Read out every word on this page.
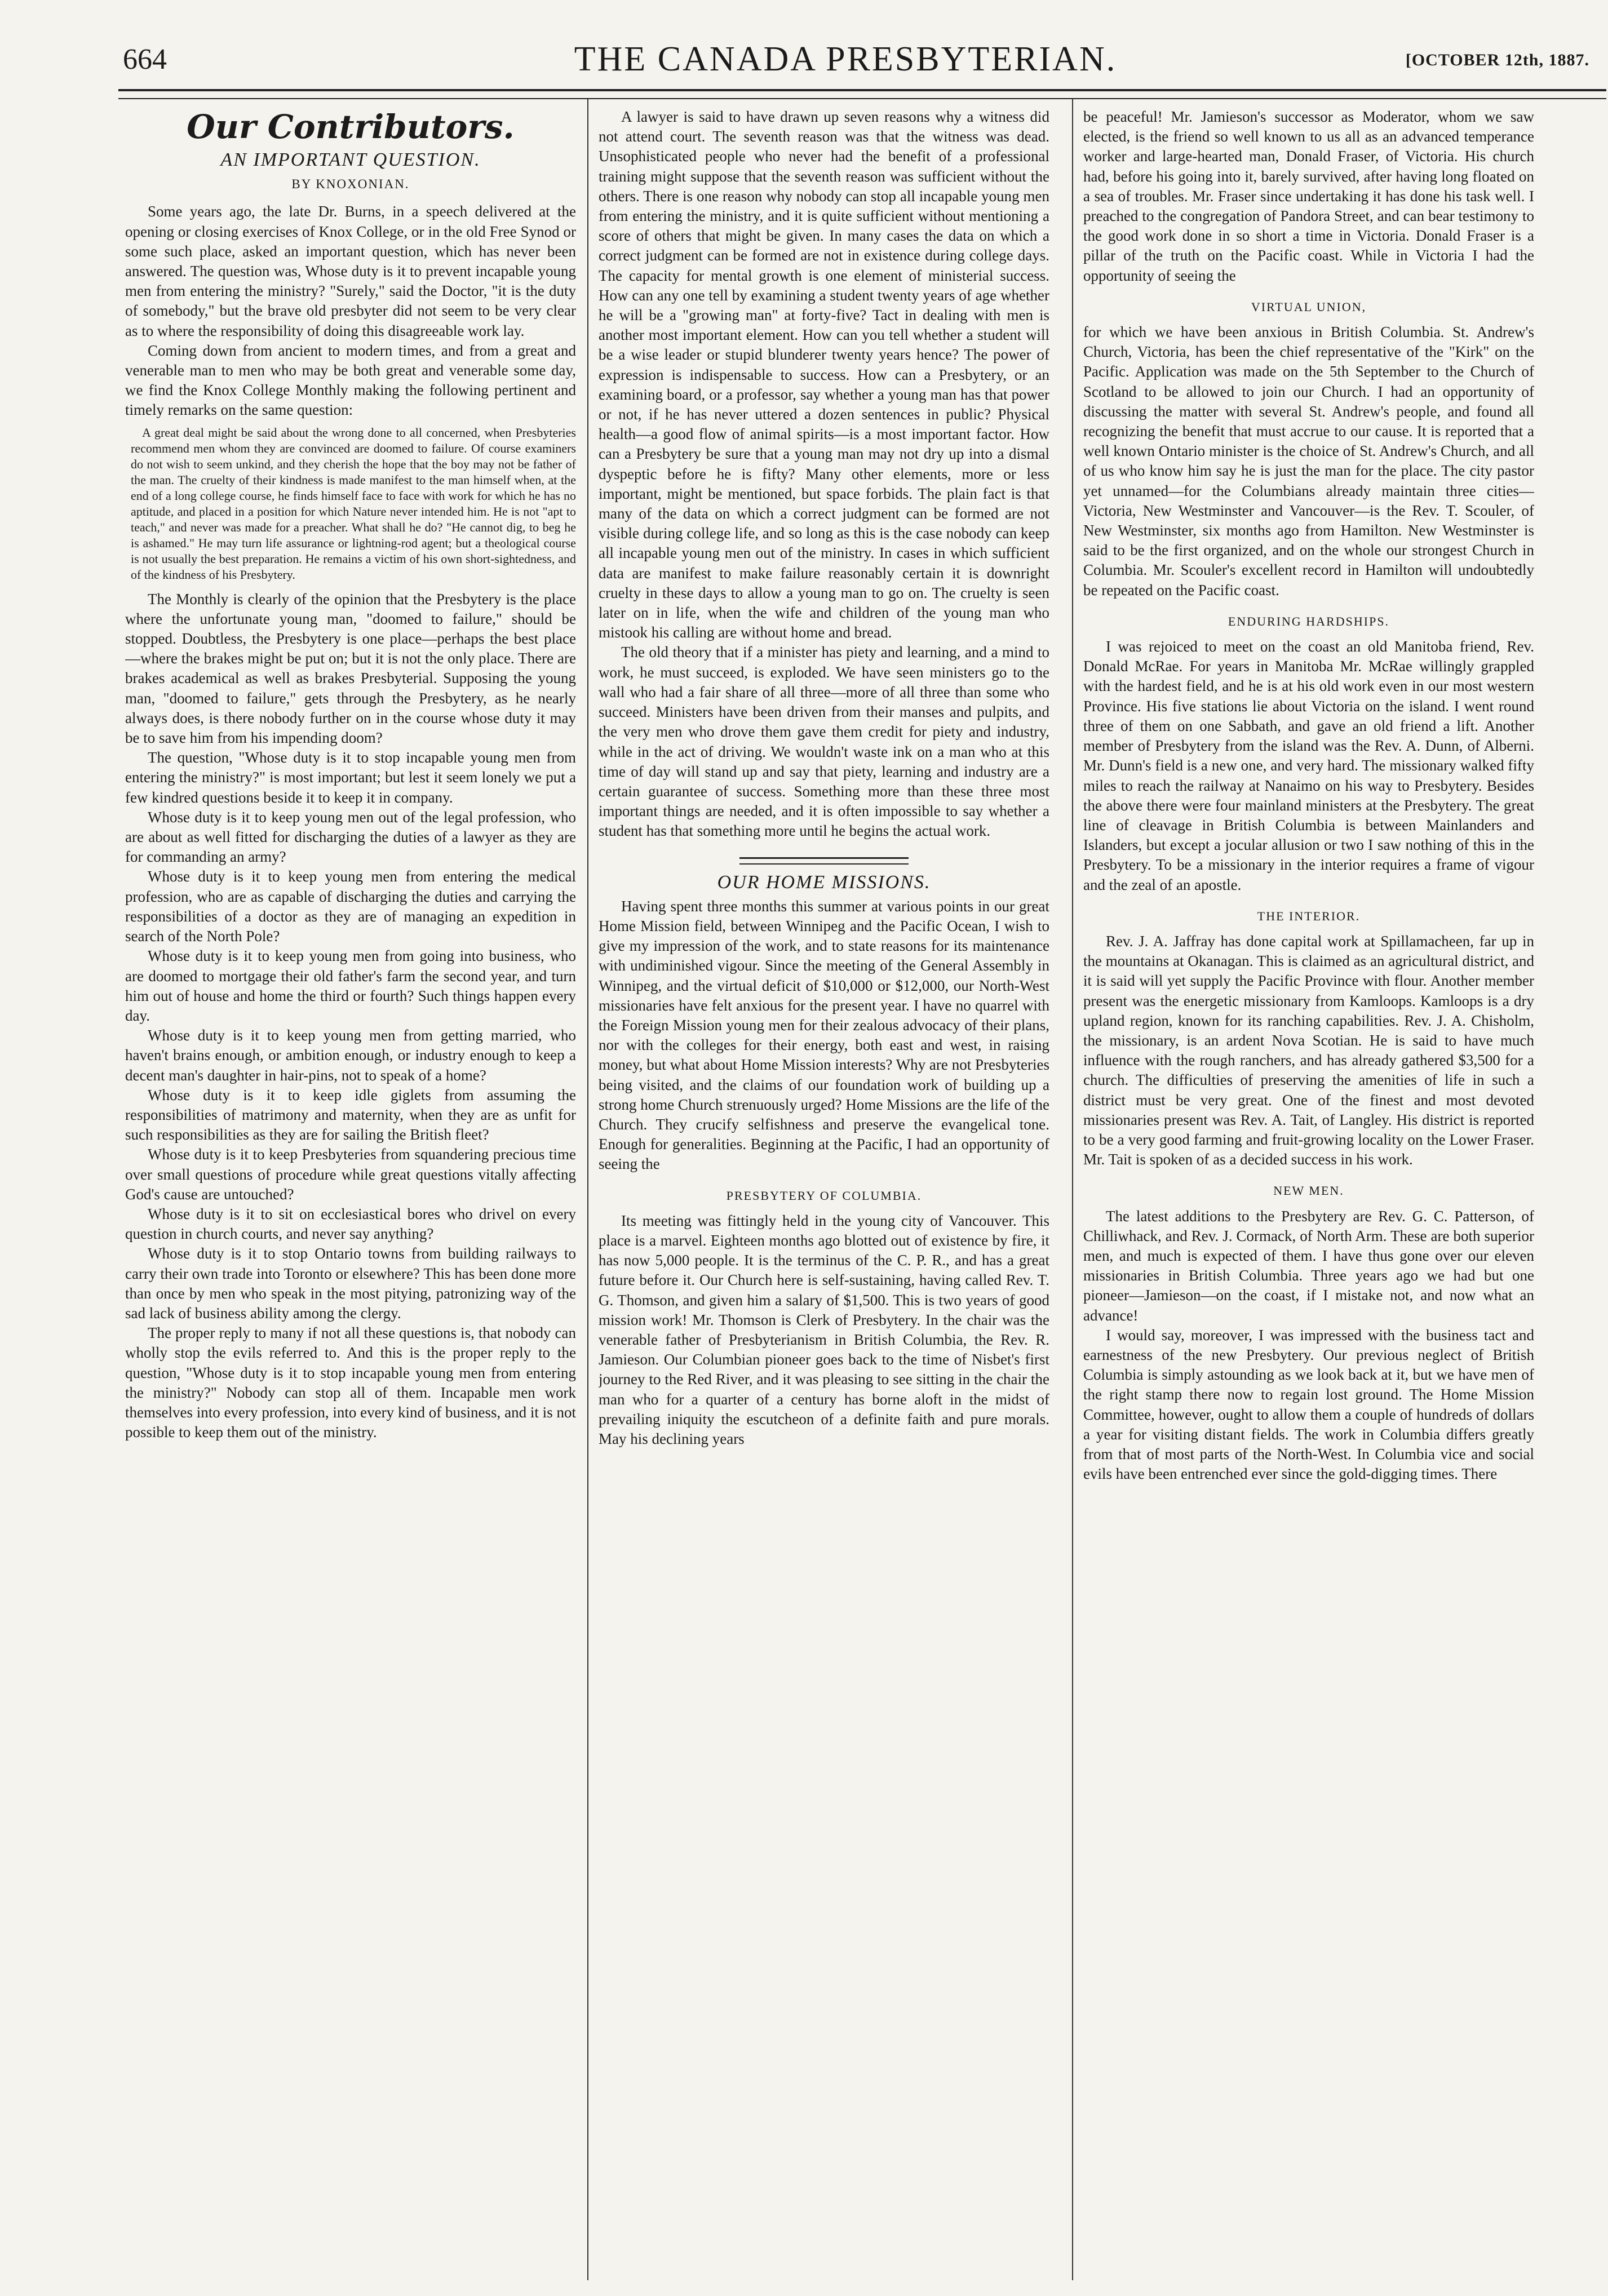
664	THE CANADA PRESBYTERIAN.	[OCTOBER 12th, 1887.
Our Contributors.
AN IMPORTANT QUESTION.
BY KNOXONIAN.

Some years ago, the late Dr. Burns, in a speech delivered at the opening or closing exercises of Knox College, or in the old Free Synod or some such place, asked an important question, which has never been answered. The question was, Whose duty is it to prevent incapable young men from entering the ministry? "Surely," said the Doctor, "it is the duty of somebody," but the brave old presbyter did not seem to be very clear as to where the responsibility of doing this disagreeable work lay.

Coming down from ancient to modern times, and from a great and venerable man to men who may be both great and venerable some day, we find the Knox College Monthly making the following pertinent and timely remarks on the same question:

A great deal might be said about the wrong done to all concerned, when Presbyteries recommend men whom they are convinced are doomed to failure. Of course examiners do not wish to seem unkind, and they cherish the hope that the boy may not be father of the man. The cruelty of their kindness is made manifest to the man himself when, at the end of a long college course, he finds himself face to face with work for which he has no aptitude, and placed in a position for which Nature never intended him. He is not "apt to teach," and never was made for a preacher. What shall he do? "He cannot dig, to beg he is ashamed." He may turn life assurance or lightning-rod agent; but a theological course is not usually the best preparation. He remains a victim of his own short-sightedness, and of the kindness of his Presbytery.

The Monthly is clearly of the opinion that the Presbytery is the place where the unfortunate young man, "doomed to failure," should be stopped. Doubtless, the Presbytery is one place—perhaps the best place—where the brakes might be put on; but it is not the only place. There are brakes academical as well as brakes Presbyterial. Supposing the young man, "doomed to failure," gets through the Presbytery, as he nearly always does, is there nobody further on in the course whose duty it may be to save him from his impending doom?

The question, "Whose duty is it to stop incapable young men from entering the ministry?" is most important; but lest it seem lonely we put a few kindred questions beside it to keep it in company.

Whose duty is it to keep young men out of the legal profession, who are about as well fitted for discharging the duties of a lawyer as they are for commanding an army?

Whose duty is it to keep young men from entering the medical profession, who are as capable of discharging the duties and carrying the responsibilities of a doctor as they are of managing an expedition in search of the North Pole?

Whose duty is it to keep young men from going into business, who are doomed to mortgage their old father's farm the second year, and turn him out of house and home the third or fourth? Such things happen every day.

Whose duty is it to keep young men from getting married, who haven't brains enough, or ambition enough, or industry enough to keep a decent man's daughter in hair-pins, not to speak of a home?

Whose duty is it to keep idle giglets from assuming the responsibilities of matrimony and maternity, when they are as unfit for such responsibilities as they are for sailing the British fleet?

Whose duty is it to keep Presbyteries from squandering precious time over small questions of procedure while great questions vitally affecting God's cause are untouched?

Whose duty is it to sit on ecclesiastical bores who drivel on every question in church courts, and never say anything?

Whose duty is it to stop Ontario towns from building railways to carry their own trade into Toronto or elsewhere? This has been done more than once by men who speak in the most pitying, patronizing way of the sad lack of business ability among the clergy.

The proper reply to many if not all these questions is, that nobody can wholly stop the evils referred to. And this is the proper reply to the question, "Whose duty is it to stop incapable young men from entering the ministry?" Nobody can stop all of them. Incapable men work themselves into every profession, into every kind of business, and it is not possible to keep them out of the ministry.

A lawyer is said to have drawn up seven reasons why a witness did not attend court. The seventh reason was that the witness was dead. Unsophisticated people who never had the benefit of a professional training might suppose that the seventh reason was sufficient without the others. There is one reason why nobody can stop all incapable young men from entering the ministry, and it is quite sufficient without mentioning a score of others that might be given. In many cases the data on which a correct judgment can be formed are not in existence during college days. The capacity for mental growth is one element of ministerial success. How can any one tell by examining a student twenty years of age whether he will be a "growing man" at forty-five? Tact in dealing with men is another most important element. How can you tell whether a student will be a wise leader or stupid blunderer twenty years hence? The power of expression is indispensable to success. How can a Presbytery, or an examining board, or a professor, say whether a young man has that power or not, if he has never uttered a dozen sentences in public? Physical health—a good flow of animal spirits—is a most important factor. How can a Presbytery be sure that a young man may not dry up into a dismal dyspeptic before he is fifty? Many other elements, more or less important, might be mentioned, but space forbids. The plain fact is that many of the data on which a correct judgment can be formed are not visible during college life, and so long as this is the case nobody can keep all incapable young men out of the ministry. In cases in which sufficient data are manifest to make failure reasonably certain it is downright cruelty in these days to allow a young man to go on. The cruelty is seen later on in life, when the wife and children of the young man who mistook his calling are without home and bread.

The old theory that if a minister has piety and learning, and a mind to work, he must succeed, is exploded. We have seen ministers go to the wall who had a fair share of all three—more of all three than some who succeed. Ministers have been driven from their manses and pulpits, and the very men who drove them gave them credit for piety and industry, while in the act of driving. We wouldn't waste ink on a man who at this time of day will stand up and say that piety, learning and industry are a certain guarantee of success. Something more than these three most important things are needed, and it is often impossible to say whether a student has that something more until he begins the actual work.

OUR HOME MISSIONS.

Having spent three months this summer at various points in our great Home Mission field, between Winnipeg and the Pacific Ocean, I wish to give my impression of the work, and to state reasons for its maintenance with undiminished vigour. Since the meeting of the General Assembly in Winnipeg, and the virtual deficit of $10,000 or $12,000, our North-West missionaries have felt anxious for the present year. I have no quarrel with the Foreign Mission young men for their zealous advocacy of their plans, nor with the colleges for their energy, both east and west, in raising money, but what about Home Mission interests? Why are not Presbyteries being visited, and the claims of our foundation work of building up a strong home Church strenuously urged? Home Missions are the life of the Church. They crucify selfishness and preserve the evangelical tone. Enough for generalities. Beginning at the Pacific, I had an opportunity of seeing the

PRESBYTERY OF COLUMBIA.

Its meeting was fittingly held in the young city of Vancouver. This place is a marvel. Eighteen months ago blotted out of existence by fire, it has now 5,000 people. It is the terminus of the C. P. R., and has a great future before it. Our Church here is self-sustaining, having called Rev. T. G. Thomson, and given him a salary of $1,500. This is two years of good mission work! Mr. Thomson is Clerk of Presbytery. In the chair was the venerable father of Presbyterianism in British Columbia, the Rev. R. Jamieson. Our Columbian pioneer goes back to the time of Nisbet's first journey to the Red River, and it was pleasing to see sitting in the chair the man who for a quarter of a century has borne aloft in the midst of prevailing iniquity the escutcheon of a definite faith and pure morals. May his declining years

be peaceful! Mr. Jamieson's successor as Moderator, whom we saw elected, is the friend so well known to us all as an advanced temperance worker and large-hearted man, Donald Fraser, of Victoria. His church had, before his going into it, barely survived, after having long floated on a sea of troubles. Mr. Fraser since undertaking it has done his task well. I preached to the congregation of Pandora Street, and can bear testimony to the good work done in so short a time in Victoria. Donald Fraser is a pillar of the truth on the Pacific coast. While in Victoria I had the opportunity of seeing the

VIRTUAL UNION,

for which we have been anxious in British Columbia. St. Andrew's Church, Victoria, has been the chief representative of the "Kirk" on the Pacific. Application was made on the 5th September to the Church of Scotland to be allowed to join our Church. I had an opportunity of discussing the matter with several St. Andrew's people, and found all recognizing the benefit that must accrue to our cause. It is reported that a well known Ontario minister is the choice of St. Andrew's Church, and all of us who know him say he is just the man for the place. The city pastor yet unnamed—for the Columbians already maintain three cities—Victoria, New Westminster and Vancouver—is the Rev. T. Scouler, of New Westminster, six months ago from Hamilton. New Westminster is said to be the first organized, and on the whole our strongest Church in Columbia. Mr. Scouler's excellent record in Hamilton will undoubtedly be repeated on the Pacific coast.

ENDURING HARDSHIPS.

I was rejoiced to meet on the coast an old Manitoba friend, Rev. Donald McRae. For years in Manitoba Mr. McRae willingly grappled with the hardest field, and he is at his old work even in our most western Province. His five stations lie about Victoria on the island. I went round three of them on one Sabbath, and gave an old friend a lift. Another member of Presbytery from the island was the Rev. A. Dunn, of Alberni. Mr. Dunn's field is a new one, and very hard. The missionary walked fifty miles to reach the railway at Nanaimo on his way to Presbytery. Besides the above there were four mainland ministers at the Presbytery. The great line of cleavage in British Columbia is between Mainlanders and Islanders, but except a jocular allusion or two I saw nothing of this in the Presbytery. To be a missionary in the interior requires a frame of vigour and the zeal of an apostle.

THE INTERIOR.

Rev. J. A. Jaffray has done capital work at Spillamacheen, far up in the mountains at Okanagan. This is claimed as an agricultural district, and it is said will yet supply the Pacific Province with flour. Another member present was the energetic missionary from Kamloops. Kamloops is a dry upland region, known for its ranching capabilities. Rev. J. A. Chisholm, the missionary, is an ardent Nova Scotian. He is said to have much influence with the rough ranchers, and has already gathered $3,500 for a church. The difficulties of preserving the amenities of life in such a district must be very great. One of the finest and most devoted missionaries present was Rev. A. Tait, of Langley. His district is reported to be a very good farming and fruit-growing locality on the Lower Fraser. Mr. Tait is spoken of as a decided success in his work.

NEW MEN.

The latest additions to the Presbytery are Rev. G. C. Patterson, of Chilliwhack, and Rev. J. Cormack, of North Arm. These are both superior men, and much is expected of them. I have thus gone over our eleven missionaries in British Columbia. Three years ago we had but one pioneer—Jamieson—on the coast, if I mistake not, and now what an advance!

I would say, moreover, I was impressed with the business tact and earnestness of the new Presbytery. Our previous neglect of British Columbia is simply astounding as we look back at it, but we have men of the right stamp there now to regain lost ground. The Home Mission Committee, however, ought to allow them a couple of hundreds of dollars a year for visiting distant fields. The work in Columbia differs greatly from that of most parts of the North-West. In Columbia vice and social evils have been entrenched ever since the gold-digging times. There
